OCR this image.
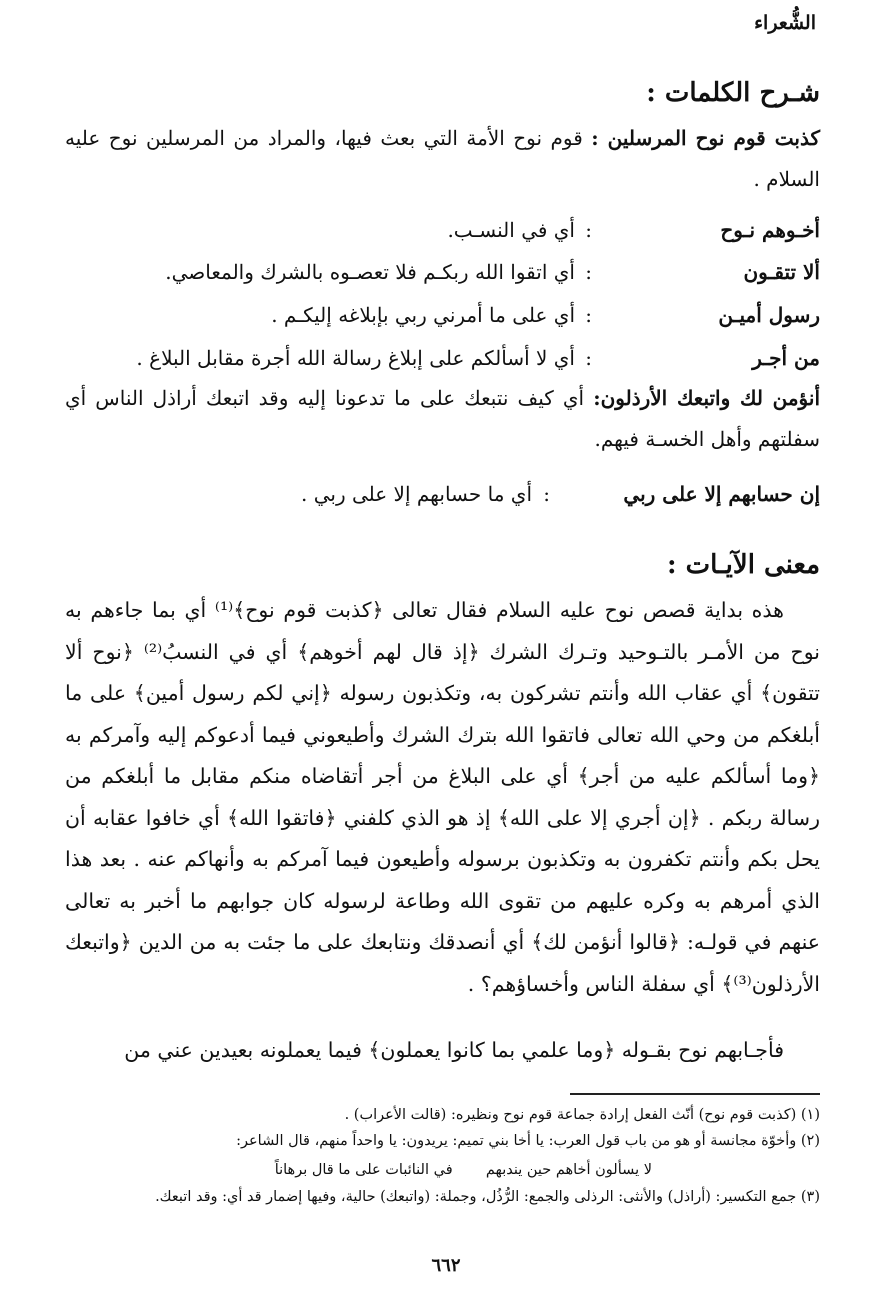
الشُّعراء
شـرح الكلمات :
كذبت قوم نوح المرسلين : قوم نوح الأمة التي بعث فيها، والمراد من المرسلين نوح عليه السلام .
أخـوهم نـوح
:
أي في النسـب.
ألا تتقـون
:
أي اتقوا الله ربكـم فلا تعصـوه بالشرك والمعاصي.
رسول أميـن
:
أي على ما أمرني ربي بإبلاغه إليكـم .
من أجـر
:
أي لا أسألكم على إبلاغ رسالة الله أجرة مقابل البلاغ .
أنؤمن لك واتبعك الأرذلون: أي كيف نتبعك على ما تدعونا إليه وقد اتبعك أراذل الناس أي سفلتهم وأهل الخسـة فيهم.
إن حسابهم إلا على ربي
:
أي ما حسابهم إلا على ربي .
معنى الآيـات :
هذه بداية قصص نوح عليه السلام فقال تعالى ﴿كذبت قوم نوح﴾⁽¹⁾ أي بما جاءهم به نوح من الأمـر بالتـوحيد وتـرك الشرك ﴿إذ قال لهم أخوهم﴾ أي في النسبُ⁽²⁾ ﴿نوح ألا تتقون﴾ أي عقاب الله وأنتم تشركون به، وتكذبون رسوله ﴿إني لكم رسول أمين﴾ على ما أبلغكم من وحي الله تعالى فاتقوا الله بترك الشرك وأطيعوني فيما أدعوكم إليه وآمركم به ﴿وما أسألكم عليه من أجر﴾ أي على البلاغ من أجر أتقاضاه منكم مقابل ما أبلغكم من رسالة ربكم . ﴿إن أجري إلا على الله﴾ إذ هو الذي كلفني ﴿فاتقوا الله﴾ أي خافوا عقابه أن يحل بكم وأنتم تكفرون به وتكذبون برسوله وأطيعون فيما آمركم به وأنهاكم عنه . بعد هذا الذي أمرهم به وكره عليهم من تقوى الله وطاعة لرسوله كان جوابهم ما أخبر به تعالى عنهم في قولـه: ﴿قالوا أنؤمن لك﴾ أي أنصدقك ونتابعك على ما جئت به من الدين ﴿واتبعك الأرذلون⁽³⁾﴾ أي سفلة الناس وأخساؤهم؟ .
فأجـابهم نوح بقـوله ﴿وما علمي بما كانوا يعملون﴾ فيما يعملونه بعيدين عني من
(١) (كذبت قوم نوح) أنّث الفعل إرادة جماعة قوم نوح ونظيره: (قالت الأعراب) .
(٢) وأخوّة مجانسة أو هو من باب قول العرب: يا أخا بني تميم: يريدون: يا واحداً منهم، قال الشاعر:
لا يسألون أخاهم حين يندبهم  في النائبات على ما قال برهاناً
(٣) جمع التكسير: (أراذل) والأنثى: الرذلى والجمع: الرُّذُل، وجملة: (واتبعك) حالية، وفيها إضمار قد أي: وقد اتبعك.
٦٦٢
